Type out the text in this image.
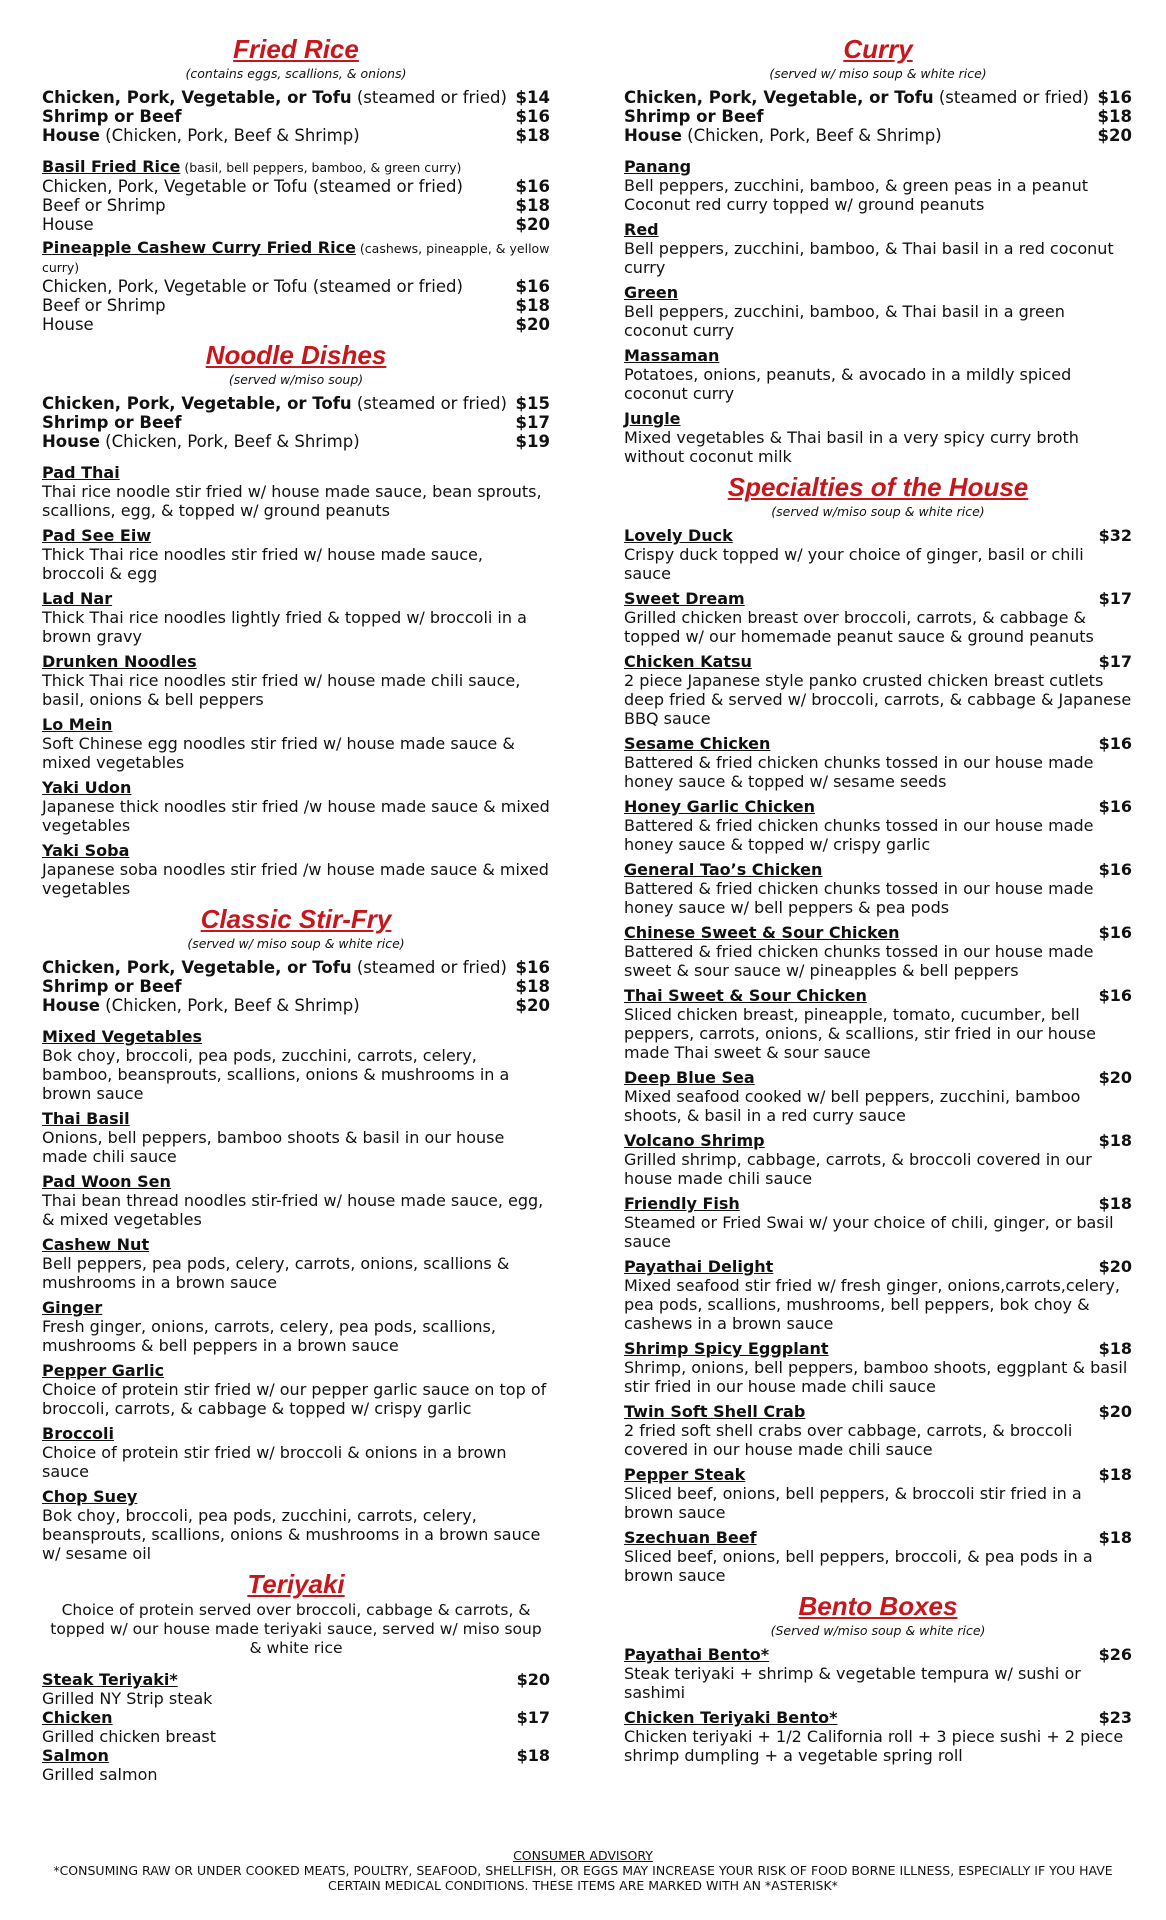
Fried Rice
(contains eggs, scallions, & onions)
Chicken, Pork, Vegetable, or Tofu (steamed or fried) $14
Shrimp or Beef	$16
House (Chicken, Pork, Beef & Shrimp)	$18
Basil Fried Rice (basil, bell peppers, bamboo, & green curry)
Chicken, Pork, Vegetable or Tofu (steamed or fried)	$16
Beef or Shrimp	$18
House	$20
Pineapple Cashew Curry Fried Rice (cashews, pineapple, & yellow curry)
Chicken, Pork, Vegetable or Tofu (steamed or fried)	$16
Beef or Shrimp	$18
House	$20
Noodle Dishes
(served w/miso soup)
Chicken, Pork, Vegetable, or Tofu (steamed or fried) $15
Shrimp or Beef	$17
House (Chicken, Pork, Beef & Shrimp)	$19
Pad Thai
Thai rice noodle stir fried w/ house made sauce, bean sprouts, scallions, egg, & topped w/ ground peanuts
Pad See Eiw
Thick Thai rice noodles stir fried w/ house made sauce, broccoli & egg
Lad Nar
Thick Thai rice noodles lightly fried & topped w/ broccoli in a brown gravy
Drunken Noodles
Thick Thai rice noodles stir fried w/ house made chili sauce, basil, onions & bell peppers
Lo Mein
Soft Chinese egg noodles stir fried w/ house made sauce & mixed vegetables
Yaki Udon
Japanese thick noodles stir fried /w house made sauce & mixed vegetables
Yaki Soba
Japanese soba noodles stir fried /w house made sauce & mixed vegetables
Classic Stir-Fry
(served w/ miso soup & white rice)
Chicken, Pork, Vegetable, or Tofu (steamed or fried) $16
Shrimp or Beef	$18
House (Chicken, Pork, Beef & Shrimp)	$20
Mixed Vegetables
Bok choy, broccoli, pea pods, zucchini, carrots, celery, bamboo, beansprouts, scallions, onions & mushrooms in a brown sauce
Thai Basil
Onions, bell peppers, bamboo shoots & basil in our house made chili sauce
Pad Woon Sen
Thai bean thread noodles stir-fried w/ house made sauce, egg, & mixed vegetables
Cashew Nut
Bell peppers, pea pods, celery, carrots, onions, scallions & mushrooms in a brown sauce
Ginger
Fresh ginger, onions, carrots, celery, pea pods, scallions, mushrooms & bell peppers in a brown sauce
Pepper Garlic
Choice of protein stir fried w/ our pepper garlic sauce on top of broccoli, carrots, & cabbage & topped w/ crispy garlic
Broccoli
Choice of protein stir fried w/ broccoli & onions in a brown sauce
Chop Suey
Bok choy, broccoli, pea pods, zucchini, carrots, celery, beansprouts, scallions, onions & mushrooms in a brown sauce w/ sesame oil
Teriyaki
Choice of protein served over broccoli, cabbage & carrots, & topped w/ our house made teriyaki sauce, served w/ miso soup & white rice
Steak Teriyaki*	$20
Grilled NY Strip steak
Chicken	$17
Grilled chicken breast
Salmon	$18
Grilled salmon
Curry
(served w/ miso soup & white rice)
Chicken, Pork, Vegetable, or Tofu (steamed or fried) $16
Shrimp or Beef	$18
House (Chicken, Pork, Beef & Shrimp)	$20
Panang
Bell peppers, zucchini, bamboo, & green peas in a peanut Coconut red curry topped w/ ground peanuts
Red
Bell peppers, zucchini, bamboo, & Thai basil in a red coconut curry
Green
Bell peppers, zucchini, bamboo, & Thai basil in a green coconut curry
Massaman
Potatoes, onions, peanuts, & avocado in a mildly spiced coconut curry
Jungle
Mixed vegetables & Thai basil in a very spicy curry broth without coconut milk
Specialties of the House
(served w/miso soup & white rice)
Lovely Duck	$32
Crispy duck topped w/ your choice of ginger, basil or chili sauce
Sweet Dream	$17
Grilled chicken breast over broccoli, carrots, & cabbage & topped w/ our homemade peanut sauce & ground peanuts
Chicken Katsu	$17
2 piece Japanese style panko crusted chicken breast cutlets deep fried & served w/ broccoli, carrots, & cabbage & Japanese BBQ sauce
Sesame Chicken	$16
Battered & fried chicken chunks tossed in our house made honey sauce & topped w/ sesame seeds
Honey Garlic Chicken	$16
Battered & fried chicken chunks tossed in our house made honey sauce & topped w/ crispy garlic
General Tao’s Chicken	$16
Battered & fried chicken chunks tossed in our house made honey sauce w/ bell peppers & pea pods
Chinese Sweet & Sour Chicken	$16
Battered & fried chicken chunks tossed in our house made sweet & sour sauce w/ pineapples & bell peppers
Thai Sweet & Sour Chicken	$16
Sliced chicken breast, pineapple, tomato, cucumber, bell peppers, carrots, onions, & scallions, stir fried in our house made Thai sweet & sour sauce
Deep Blue Sea	$20
Mixed seafood cooked w/ bell peppers, zucchini, bamboo shoots, & basil in a red curry sauce
Volcano Shrimp	$18
Grilled shrimp, cabbage, carrots, & broccoli covered in our house made chili sauce
Friendly Fish	$18
Steamed or Fried Swai w/ your choice of chili, ginger, or basil sauce
Payathai Delight	$20
Mixed seafood stir fried w/ fresh ginger, onions,carrots,celery, pea pods, scallions, mushrooms, bell peppers, bok choy & cashews in a brown sauce
Shrimp Spicy Eggplant	$18
Shrimp, onions, bell peppers, bamboo shoots, eggplant & basil stir fried in our house made chili sauce
Twin Soft Shell Crab	$20
2 fried soft shell crabs over cabbage, carrots, & broccoli covered in our house made chili sauce
Pepper Steak	$18
Sliced beef, onions, bell peppers, & broccoli stir fried in a brown sauce
Szechuan Beef	$18
Sliced beef, onions, bell peppers, broccoli, & pea pods in a brown sauce
Bento Boxes
(Served w/miso soup & white rice)
Payathai Bento*	$26
Steak teriyaki + shrimp & vegetable tempura w/ sushi or sashimi
Chicken Teriyaki Bento*	$23
Chicken teriyaki + 1/2 California roll + 3 piece sushi + 2 piece shrimp dumpling + a vegetable spring roll
CONSUMER ADVISORY
*CONSUMING RAW OR UNDER COOKED MEATS, POULTRY, SEAFOOD, SHELLFISH, OR EGGS MAY INCREASE YOUR RISK OF FOOD BORNE ILLNESS, ESPECIALLY IF YOU HAVE CERTAIN MEDICAL CONDITIONS. THESE ITEMS ARE MARKED WITH AN *ASTERISK*
